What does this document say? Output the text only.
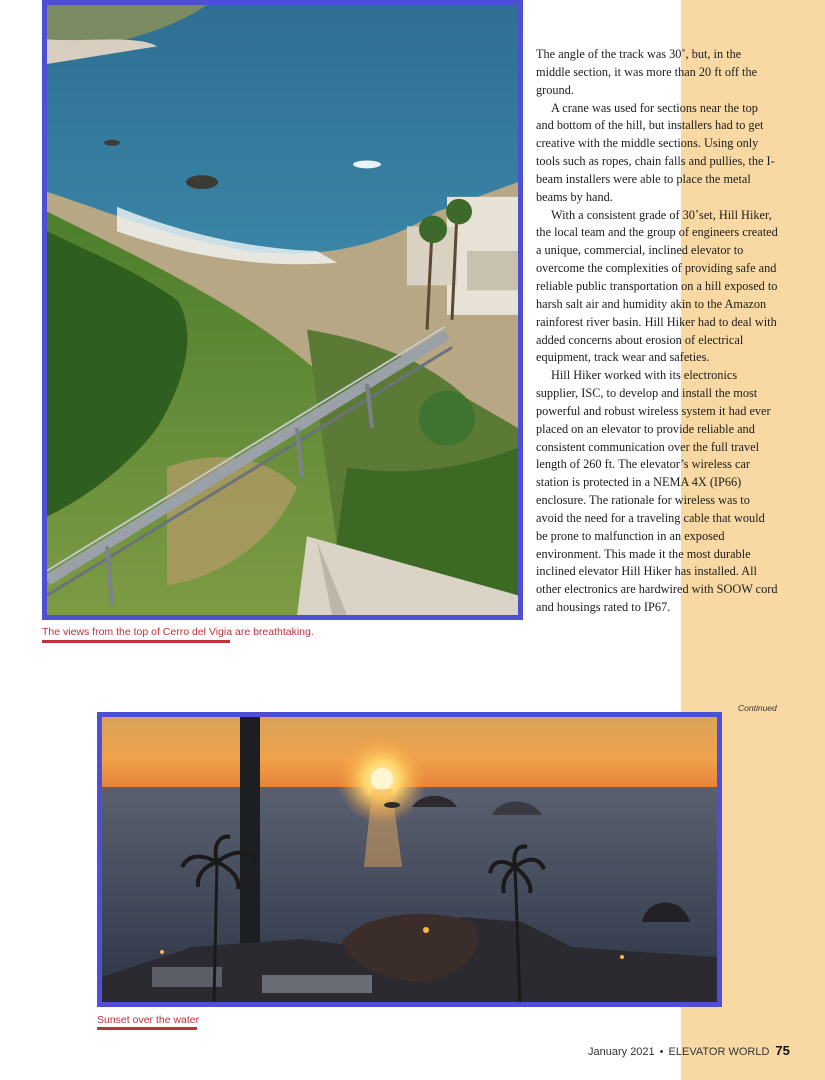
The views from the top of Cerro del Vigia are breathtaking.

The angle of the track was 30˚, but, in the middle section, it was more than 20 ft off the ground.

A crane was used for sections near the top and bottom of the hill, but installers had to get creative with the middle sections. Using only tools such as ropes, chain falls and pullies, the I-beam installers were able to place the metal beams by hand.

With a consistent grade of 30˚set, Hill Hiker, the local team and the group of engineers created a unique, commercial, inclined elevator to overcome the complexities of providing safe and reliable public transportation on a hill exposed to harsh salt air and humidity akin to the Amazon rainforest river basin. Hill Hiker had to deal with added concerns about erosion of electrical equipment, track wear and safeties.

Hill Hiker worked with its electronics supplier, ISC, to develop and install the most powerful and robust wireless system it had ever placed on an elevator to provide reliable and consistent communication over the full travel length of 260 ft. The elevator’s wireless car station is protected in a NEMA 4X (IP66) enclosure. The rationale for wireless was to avoid the need for a traveling cable that would be prone to malfunction in an exposed environment. This made it the most durable inclined elevator Hill Hiker has installed. All other electronics are hardwired with SOOW cord and housings rated to IP67.

Continued
Sunset over the water
January 2021 • ELEVATOR WORLD 75
